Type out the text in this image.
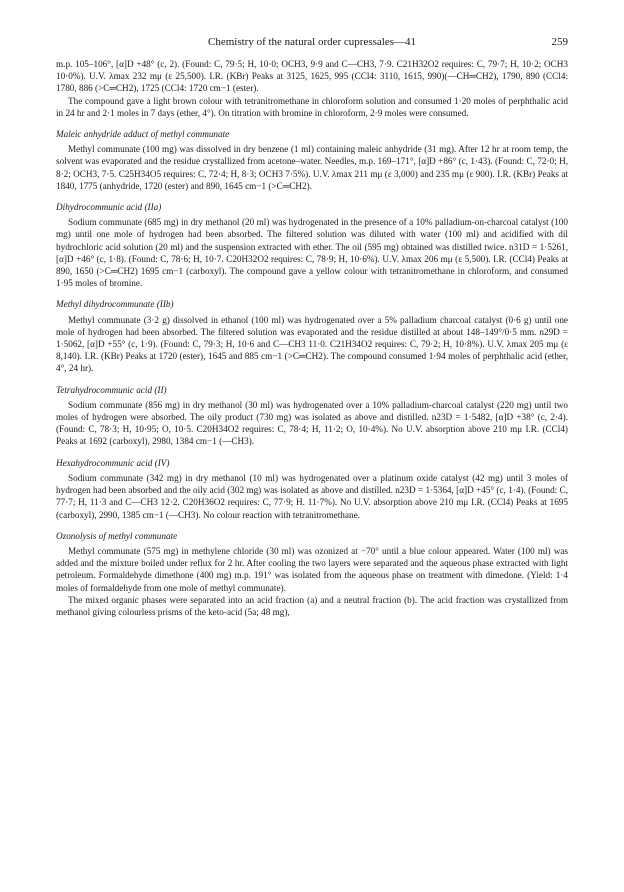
Chemistry of the natural order cupressales—41	259

m.p. 105–106°, [α]D +48° (c, 2). (Found: C, 79·5; H, 10·0; OCH3, 9·9 and C—CH3, 7·9. C21H32O2 requires: C, 79·7; H, 10·2; OCH3 10·0%). U.V. λmax 232 mμ (ε 25,500). I.R. (KBr) Peaks at 3125, 1625, 995 (CCl4: 3110, 1615, 990)(—CH═CH2), 1790, 890 (CCl4: 1780, 886 (>C═CH2), 1725 (CCl4: 1720 cm−1 (ester).

The compound gave a light brown colour with tetranitromethane in chloroform solution and consumed 1·20 moles of perphthalic acid in 24 hr and 2·1 moles in 7 days (ether, 4°). On titration with bromine in chloroform, 2·9 moles were consumed.

Maleic anhydride adduct of methyl communate

Methyl communate (100 mg) was dissolved in dry benzene (1 ml) containing maleic anhydride (31 mg). After 12 hr at room temp, the solvent was evaporated and the residue crystallized from acetone–water. Needles, m.p. 169–171°, [α]D +86° (c, 1·43). (Found: C, 72·0; H, 8·2; OCH3, 7·5. C25H34O5 requires: C, 72·4; H, 8·3; OCH3 7·5%). U.V. λmax 211 mμ (ε 3,000) and 235 mμ (ε 900). I.R. (KBr) Peaks at 1840, 1775 (anhydride, 1720 (ester) and 890, 1645 cm−1 (>C═CH2).

Dihydrocommunic acid (IIa)

Sodium communate (685 mg) in dry methanol (20 ml) was hydrogenated in the presence of a 10% palladium-on-charcoal catalyst (100 mg) until one mole of hydrogen had been absorbed. The filtered solution was diluted with water (100 ml) and acidified with dil hydrochloric acid solution (20 ml) and the suspension extracted with ether. The oil (595 mg) obtained was distilled twice. n31D = 1·5261, [α]D +46° (c, 1·8). (Found: C, 78·6; H, 10·7. C20H32O2 requires: C, 78·9; H, 10·6%). U.V. λmax 206 mμ (ε 5,500). I.R. (CCl4) Peaks at 890, 1650 (>C═CH2) 1695 cm−1 (carboxyl). The compound gave a yellow colour with tetranitromethane in chloroform, and consumed 1·95 moles of bromine.

Methyl dihydrocommunate (IIb)

Methyl communate (3·2 g) dissolved in ethanol (100 ml) was hydrogenated over a 5% palladium charcoal catalyst (0·6 g) until one mole of hydrogen had been absorbed. The filtered solution was evaporated and the residue distilled at about 148–149°/0·5 mm. n29D = 1·5062, [α]D +55° (c, 1·9). (Found: C, 79·3; H, 10·6 and C—CH3 11·0. C21H34O2 requires: C, 79·2; H, 10·8%). U.V. λmax 205 mμ (ε 8,140). I.R. (KBr) Peaks at 1720 (ester), 1645 and 885 cm−1 (>C═CH2). The compound consumed 1·94 moles of perphthalic acid (ether, 4°, 24 hr).

Tetrahydrocommunic acid (II)

Sodium communate (856 mg) in dry methanol (30 ml) was hydrogenated over a 10% palladium-charcoal catalyst (220 mg) until two moles of hydrogen were absorbed. The oily product (730 mg) was isolated as above and distilled. n23D = 1·5482, [α]D +38° (c, 2·4). (Found: C, 78·3; H, 10·95; O, 10·5. C20H34O2 requires: C, 78·4; H, 11·2; O, 10·4%). No U.V. absorption above 210 mμ I.R. (CCl4) Peaks at 1692 (carboxyl), 2980, 1384 cm−1 (—CH3).

Hexahydrocommunic acid (IV)

Sodium communate (342 mg) in dry methanol (10 ml) was hydrogenated over a platinum oxide catalyst (42 mg) until 3 moles of hydrogen had been absorbed and the oily acid (302 mg) was isolated as above and distilled. n23D = 1·5364, [α]D +45° (c, 1·4). (Found: C, 77·7; H, 11·3 and C—CH3 12·2. C20H36O2 requires: C, 77·9; H. 11·7%). No U.V. absorption above 210 mμ I.R. (CCl4) Peaks at 1695 (carboxyl), 2990, 1385 cm−1 (—CH3). No colour reaction with tetranitromethane.

Ozonolysis of methyl communate

Methyl communate (575 mg) in methylene chloride (30 ml) was ozonized at −70° until a blue colour appeared. Water (100 ml) was added and the mixture boiled under reflux for 2 hr. After cooling the two layers were separated and the aqueous phase extracted with light petroleum. Formaldehyde dimethone (400 mg) m.p. 191° was isolated from the aqueous phase on treatment with dimedone. (Yield: 1·4 moles of formaldehyde from one mole of methyl communate).

The mixed organic phases were separated into an acid fraction (a) and a neutral fraction (b). The acid fraction was crystallized from methanol giving colourless prisms of the keto-acid (5a; 48 mg),
